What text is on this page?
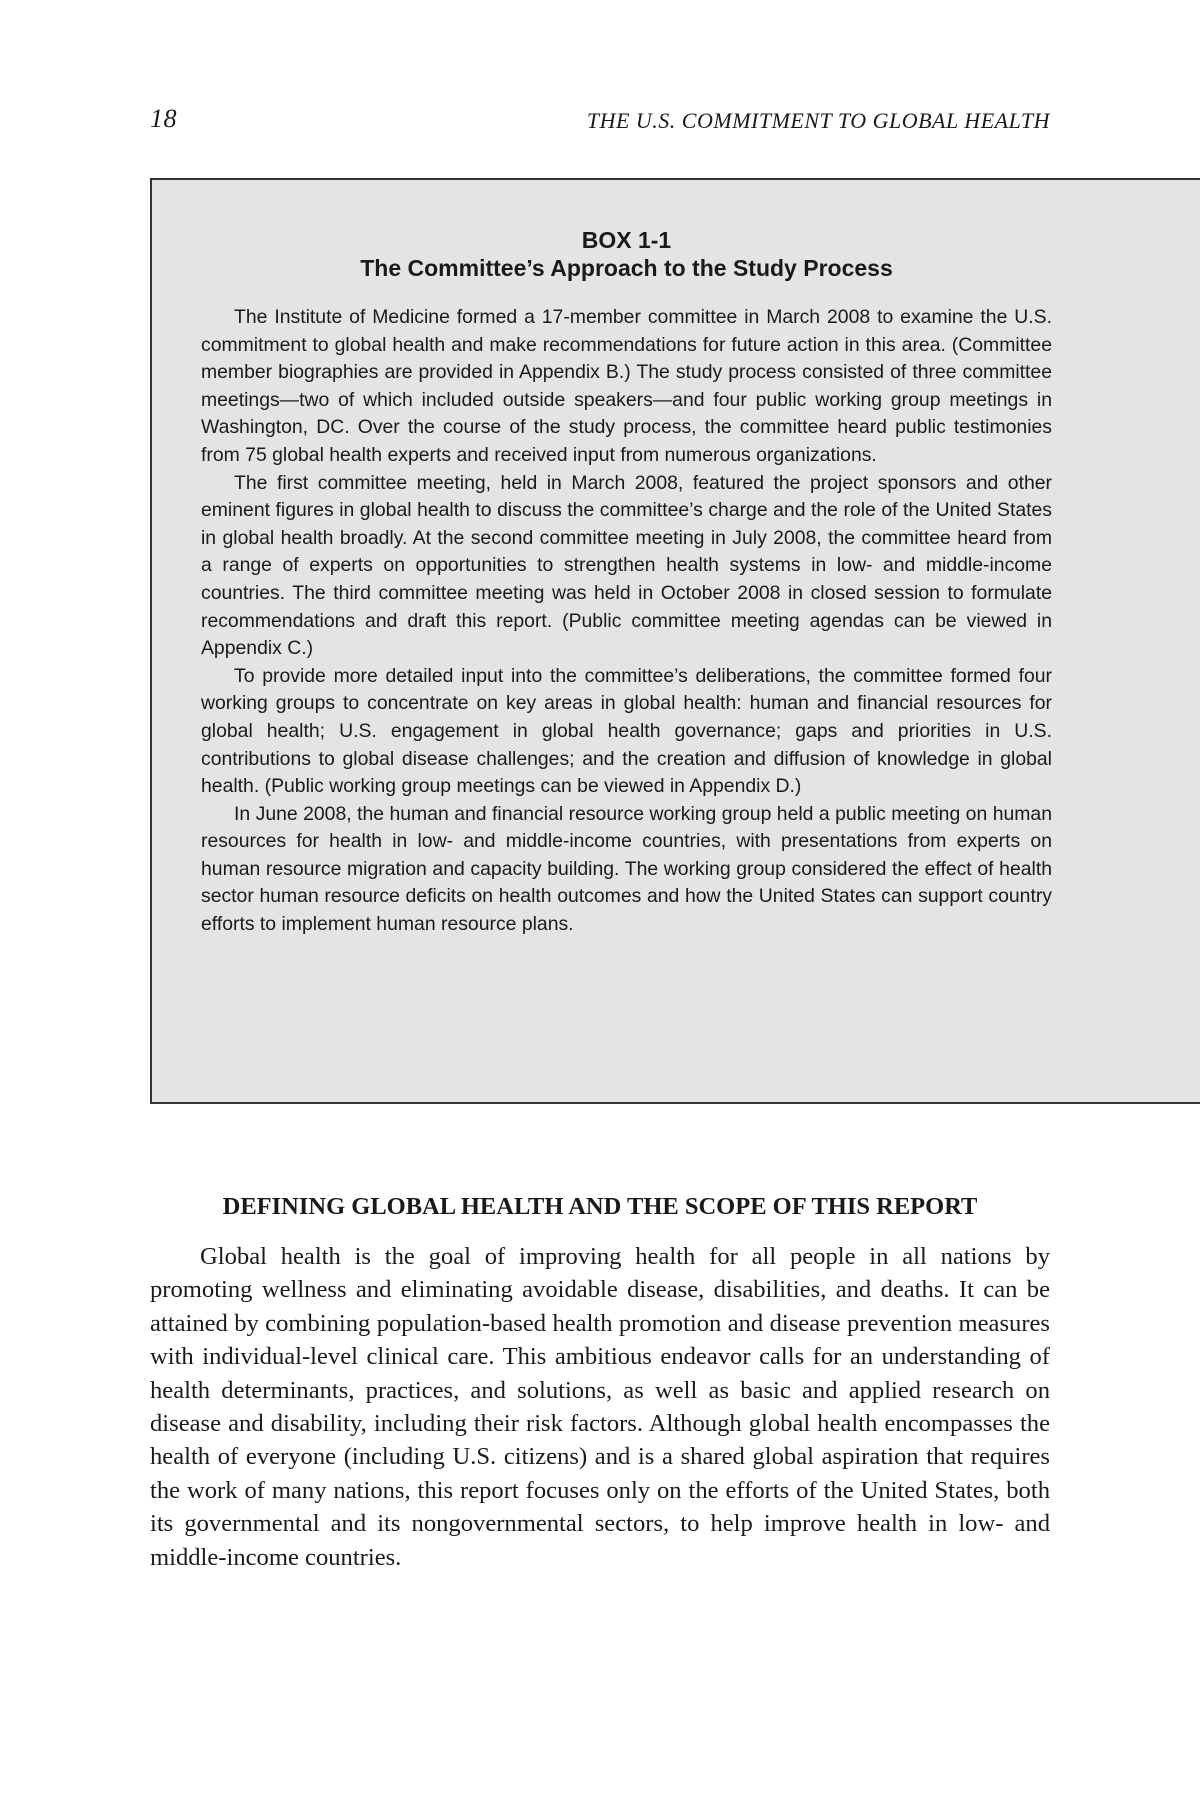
18	THE U.S. COMMITMENT TO GLOBAL HEALTH

BOX 1-1

The Committee’s Approach to the Study Process

The Institute of Medicine formed a 17-member committee in March 2008 to examine the U.S. commitment to global health and make recommendations for future action in this area. (Committee member biographies are provided in Appendix B.) The study process consisted of three committee meetings—two of which included outside speakers—and four public working group meetings in Washington, DC. Over the course of the study process, the committee heard public testimonies from 75 global health experts and received input from numerous organizations.

The first committee meeting, held in March 2008, featured the project sponsors and other eminent figures in global health to discuss the committee’s charge and the role of the United States in global health broadly. At the second committee meeting in July 2008, the committee heard from a range of experts on opportunities to strengthen health systems in low- and middle-income countries. The third committee meeting was held in October 2008 in closed session to formulate recommendations and draft this report. (Public committee meeting agendas can be viewed in Appendix C.)

To provide more detailed input into the committee’s deliberations, the committee formed four working groups to concentrate on key areas in global health: human and financial resources for global health; U.S. engagement in global health governance; gaps and priorities in U.S. contributions to global disease challenges; and the creation and diffusion of knowledge in global health. (Public working group meetings can be viewed in Appendix D.)

In June 2008, the human and financial resource working group held a public meeting on human resources for health in low- and middle-income countries, with presentations from experts on human resource migration and capacity building. The working group considered the effect of health sector human resource deficits on health outcomes and how the United States can support country efforts to implement human resource plans.

DEFINING GLOBAL HEALTH AND THE SCOPE OF THIS REPORT

Global health is the goal of improving health for all people in all nations by promoting wellness and eliminating avoidable disease, disabilities, and deaths. It can be attained by combining population-based health promotion and disease prevention measures with individual-level clinical care. This ambitious endeavor calls for an understanding of health determinants, practices, and solutions, as well as basic and applied research on disease and disability, including their risk factors. Although global health encompasses the health of everyone (including U.S. citizens) and is a shared global aspiration that requires the work of many nations, this report focuses only on the efforts of the United States, both its governmental and its nongovernmental sectors, to help improve health in low- and middle-income countries.
